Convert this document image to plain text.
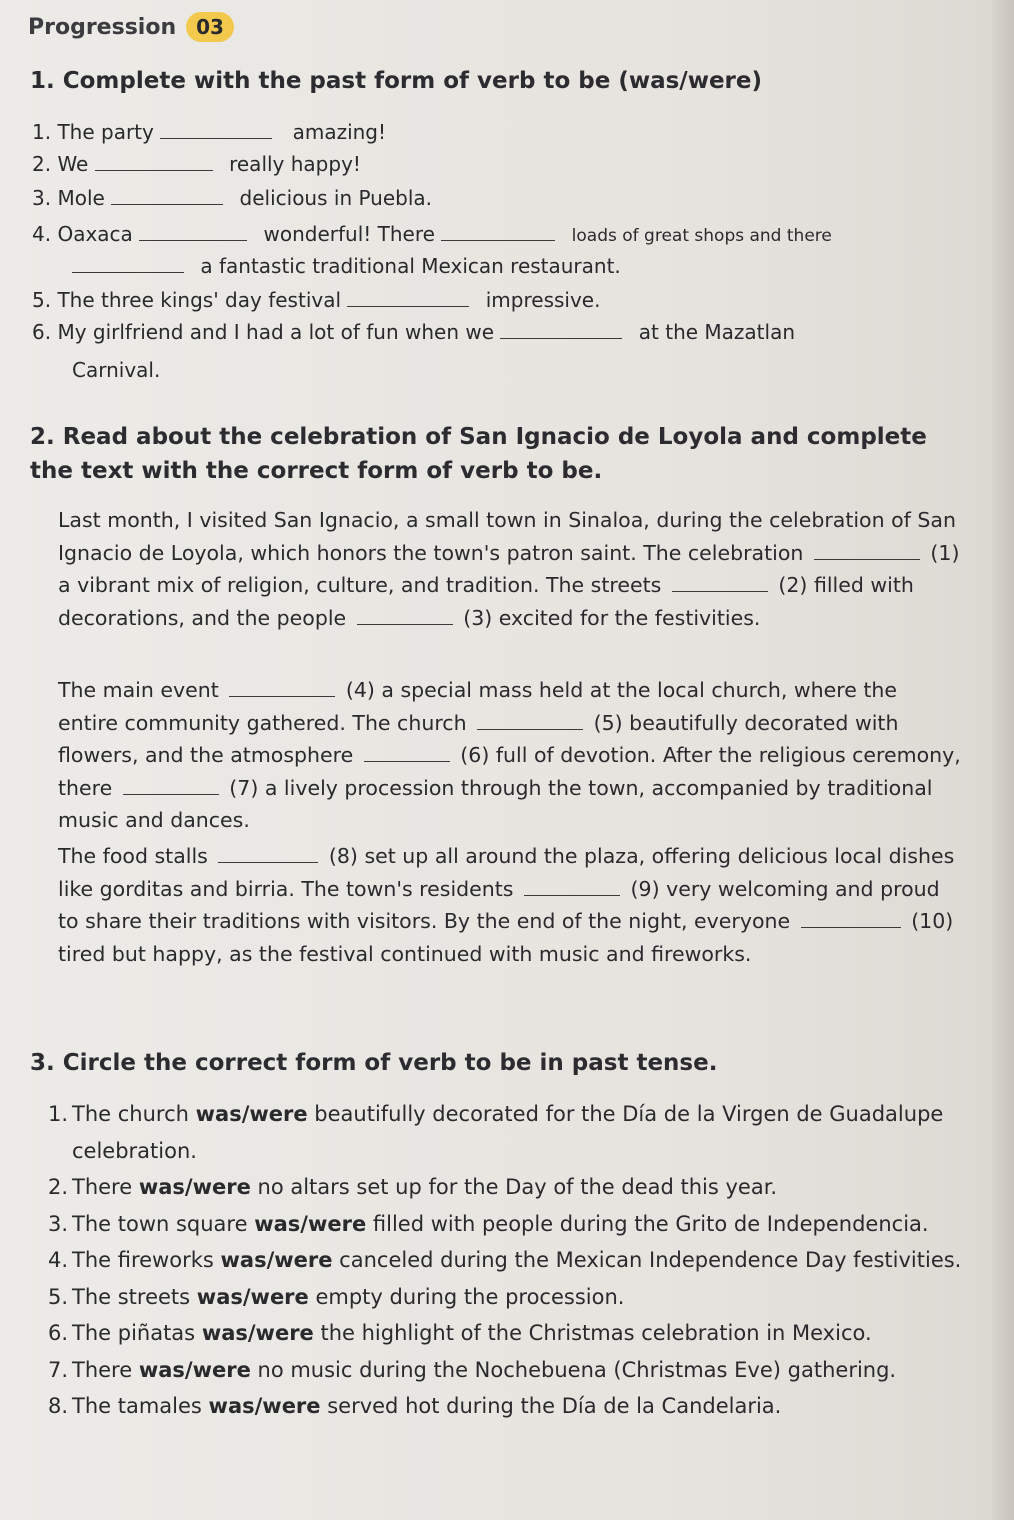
Progression	03
1. Complete with the past form of verb to be (was/were)
1. The party	amazing!
2. We	really happy!
3. Mole	delicious in Puebla.
4. Oaxaca	wonderful! There	loads of great shops and there
a fantastic traditional Mexican restaurant.
5. The three kings' day festival	impressive.
6. My girlfriend and I had a lot of fun when we	at the Mazatlan
Carnival.
2. Read about the celebration of San Ignacio de Loyola and complete
the text with the correct form of verb to be.
Last month, I visited San Ignacio, a small town in Sinaloa, during the celebration of San Ignacio de Loyola, which honors the town's patron saint. The celebration	(1) a vibrant mix of religion, culture, and tradition. The streets	(2) filled with decorations, and the people	(3) excited for the festivities.
The main event	(4) a special mass held at the local church, where the entire community gathered. The church	(5) beautifully decorated with flowers, and the atmosphere	(6) full of devotion. After the religious ceremony, there	(7) a lively procession through the town, accompanied by traditional music and dances.
The food stalls	(8) set up all around the plaza, offering delicious local dishes like gorditas and birria. The town's residents	(9) very welcoming and proud to share their traditions with visitors. By the end of the night, everyone	(10) tired but happy, as the festival continued with music and fireworks.
3. Circle the correct form of verb to be in past tense.
1. The church was/were beautifully decorated for the Día de la Virgen de Guadalupe celebration.
2. There was/were no altars set up for the Day of the dead this year.
3. The town square was/were filled with people during the Grito de Independencia.
4. The fireworks was/were canceled during the Mexican Independence Day festivities.
5. The streets was/were empty during the procession.
6. The piñatas was/were the highlight of the Christmas celebration in Mexico.
7. There was/were no music during the Nochebuena (Christmas Eve) gathering.
8. The tamales was/were served hot during the Día de la Candelaria.
